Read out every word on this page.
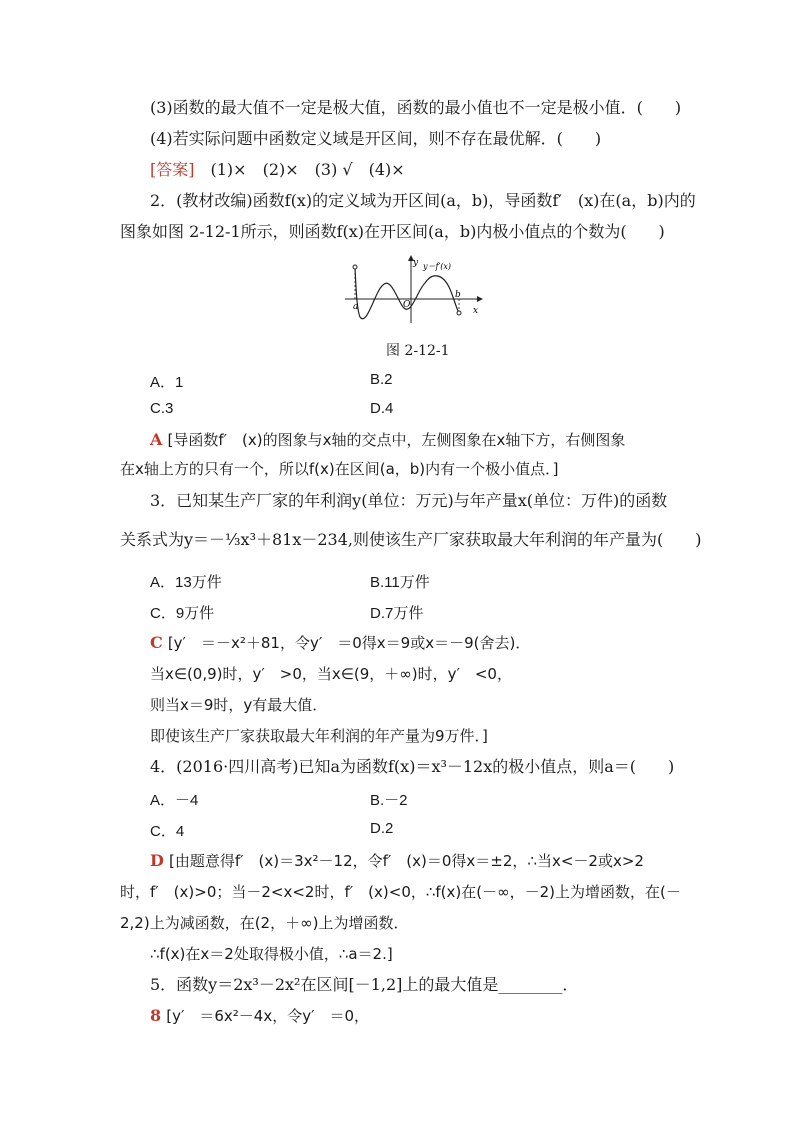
(3)函数的最大值不一定是极大值，函数的最小值也不一定是极小值．(　　)
(4)若实际问题中函数定义域是开区间，则不存在最优解．(　　)
[答案]　(1)×　(2)×　(3) √　(4)×
2．(教材改编)函数f(x)的定义域为开区间(a，b)，导函数f′　(x)在(a，b)内的
图象如图 2-12-1所示，则函数f(x)在开区间(a，b)内极小值点的个数为(　　)
y
x
O
a
b
y＝f′(x)
图 2-12-1
A．1	B.2
C.3	D.4
A [导函数f′　(x)的图象与x轴的交点中，左侧图象在x轴下方，右侧图象
在x轴上方的只有一个，所以f(x)在区间(a，b)内有一个极小值点．]
3．已知某生产厂家的年利润y(单位：万元)与年产量x(单位：万件)的函数
关系式为y＝－⅓x³＋81x－234,则使该生产厂家获取最大年利润的年产量为(　　)
A．13万件	B.11万件
C．9万件	D.7万件
C [y′　＝－x²＋81，令y′　＝0得x＝9或x＝－9(舍去)．
当x∈(0,9)时，y′　>0，当x∈(9，＋∞)时，y′　<0，
则当x＝9时，y有最大值．
即使该生产厂家获取最大年利润的年产量为9万件．]
4．(2016·四川高考)已知a为函数f(x)＝x³－12x的极小值点，则a＝(　　)
A．－4	B.－2
C．4	D.2
D [由题意得f′　(x)＝3x²－12，令f′　(x)＝0得x＝±2，∴当x<－2或x>2
时，f′　(x)>0；当－2<x<2时，f′　(x)<0，∴f(x)在(－∞，－2)上为增函数，在(－
2,2)上为减函数，在(2，＋∞)上为增函数．
∴f(x)在x＝2处取得极小值，∴a＝2.]
5．函数y＝2x³－2x²在区间[－1,2]上的最大值是________．
8 [y′　＝6x²－4x，令y′　＝0，
